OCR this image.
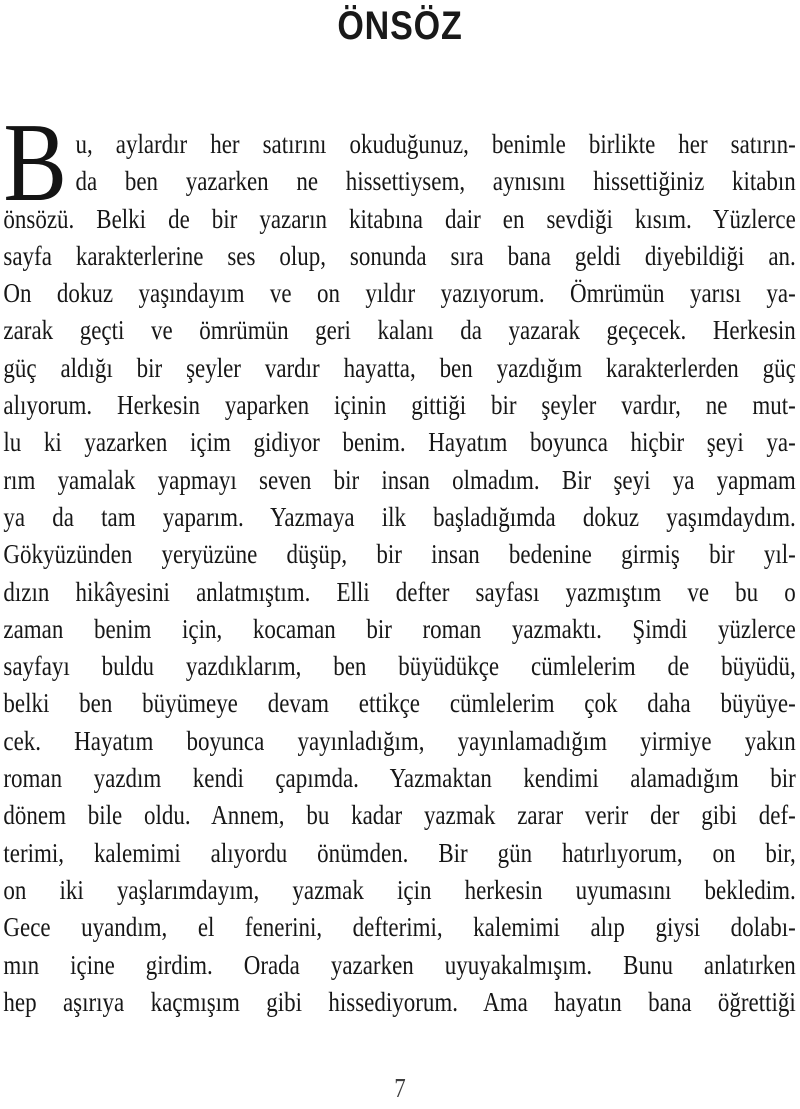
ÖNSÖZ
B u, aylardır her satırını okuduğunuz, benimle birlikte her satırın-
da ben yazarken ne hissettiysem, aynısını hissettiğiniz kitabın
önsözü. Belki de bir yazarın kitabına dair en sevdiği kısım. Yüzlerce
sayfa karakterlerine ses olup, sonunda sıra bana geldi diyebildiği an.
On dokuz yaşındayım ve on yıldır yazıyorum. Ömrümün yarısı ya-
zarak geçti ve ömrümün geri kalanı da yazarak geçecek. Herkesin
güç aldığı bir şeyler vardır hayatta, ben yazdığım karakterlerden güç
alıyorum. Herkesin yaparken içinin gittiği bir şeyler vardır, ne mut-
lu ki yazarken içim gidiyor benim. Hayatım boyunca hiçbir şeyi ya-
rım yamalak yapmayı seven bir insan olmadım. Bir şeyi ya yapmam
ya da tam yaparım. Yazmaya ilk başladığımda dokuz yaşımdaydım.
Gökyüzünden yeryüzüne düşüp, bir insan bedenine girmiş bir yıl-
dızın hikâyesini anlatmıştım. Elli defter sayfası yazmıştım ve bu o
zaman benim için, kocaman bir roman yazmaktı. Şimdi yüzlerce
sayfayı buldu yazdıklarım, ben büyüdükçe cümlelerim de büyüdü,
belki ben büyümeye devam ettikçe cümlelerim çok daha büyüye-
cek. Hayatım boyunca yayınladığım, yayınlamadığım yirmiye yakın
roman yazdım kendi çapımda. Yazmaktan kendimi alamadığım bir
dönem bile oldu. Annem, bu kadar yazmak zarar verir der gibi def-
terimi, kalemimi alıyordu önümden. Bir gün hatırlıyorum, on bir,
on iki yaşlarımdayım, yazmak için herkesin uyumasını bekledim.
Gece uyandım, el fenerini, defterimi, kalemimi alıp giysi dolabı-
mın içine girdim. Orada yazarken uyuyakalmışım. Bunu anlatırken
hep aşırıya kaçmışım gibi hissediyorum. Ama hayatın bana öğrettiği
7
